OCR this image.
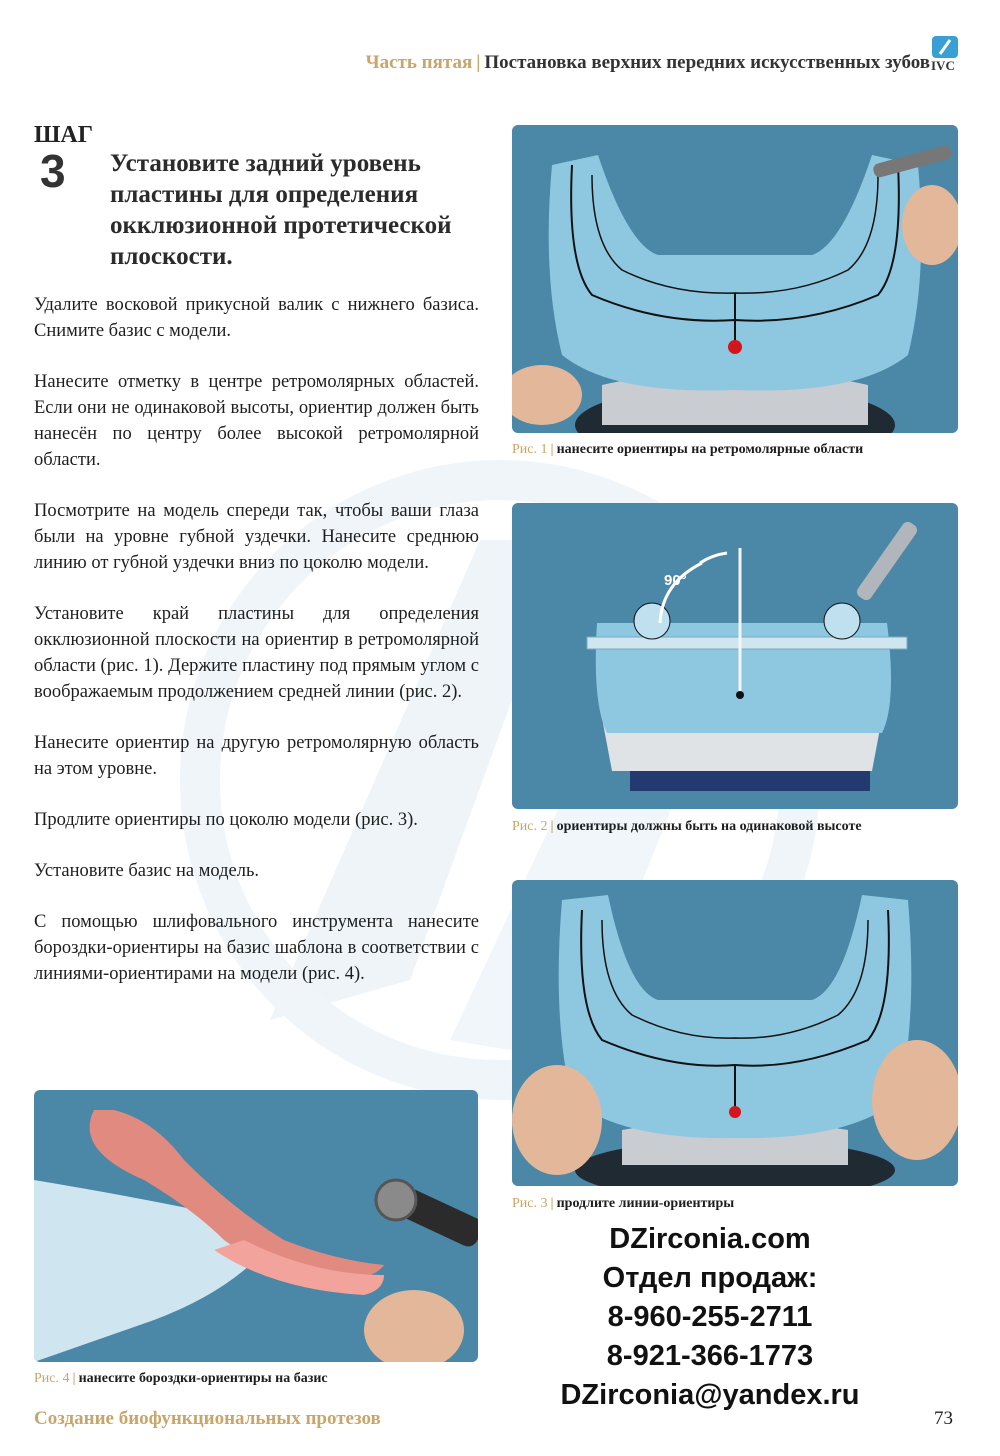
Часть пятая | Постановка верхних передних искусственных зубов IVC
ШАГ
3 Установите задний уровень пластины для определения окклюзионной протетической плоскости.

Удалите восковой прикусной валик с нижнего базиса. Снимите базис с модели.

Нанесите отметку в центре ретромолярных областей. Если они не одинаковой высоты, ориентир должен быть нанесён по центру более высокой ретромолярной области.

Посмотрите на модель спереди так, чтобы ваши глаза были на уровне губной уздечки. Нанесите среднюю линию от губной уздечки вниз по цоколю модели.

Установите край пластины для определения окклюзионной плоскости на ориентир в ретромолярной области (рис. 1). Держите пластину под прямым углом с воображаемым продолжением средней линии (рис. 2).

Нанесите ориентир на другую ретромолярную область на этом уровне.

Продлите ориентиры по цоколю модели (рис. 3).

Установите базис на модель.

С помощью шлифовального инструмента нанесите бороздки-ориентиры на базис шаблона в соответствии с линиями-ориентирами на модели (рис. 4).

Рис. 1 | нанесите ориентиры на ретромолярные области
90°
Рис. 2 | ориентиры должны быть на одинаковой высоте
Рис. 3 | продлите линии-ориентиры
Рис. 4 | нанесите бороздки-ориентиры на базис
DZirconia.com
Отдел продаж:
8-960-255-2711
8-921-366-1773
DZirconia@yandex.ru
Создание биофункциональных протезов	73
